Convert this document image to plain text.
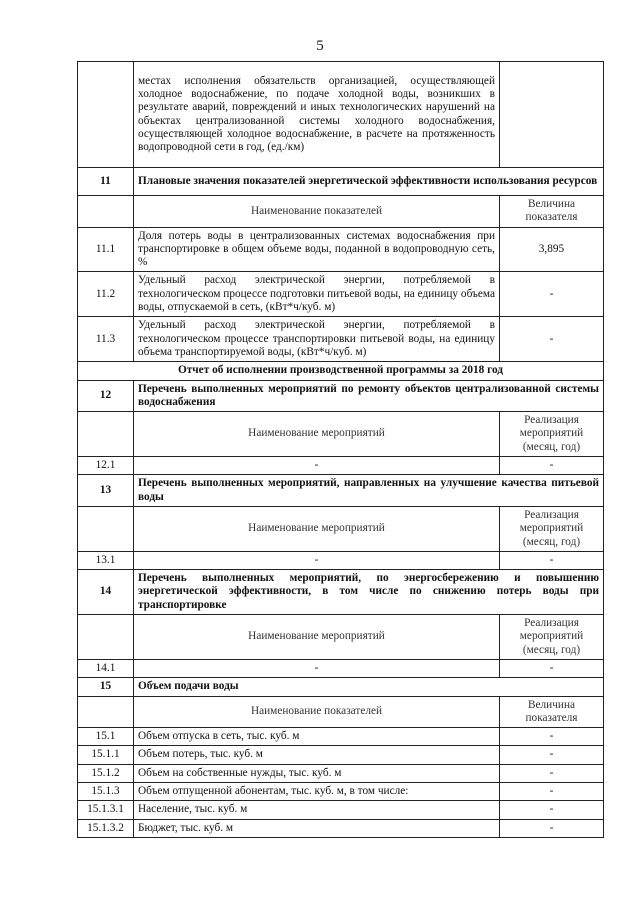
5
	местах исполнения обязательств организацией, осуществляющей холодное водоснабжение, по подаче холодной воды, возникших в результате аварий, повреждений и иных технологических нарушений на объектах централизованной системы холодного водоснабжения, осуществляющей холодное водоснабжение, в расчете на протяженность водопроводной сети в год, (ед./км)	
11	Плановые значения показателей энергетической эффективности использования ресурсов	
	Наименование показателей	Величина показателя
11.1	Доля потерь воды в централизованных системах водоснабжения при транспортировке в общем объеме воды, поданной в водопроводную сеть, %	3,895
11.2	Удельный расход электрической энергии, потребляемой в технологическом процессе подготовки питьевой воды, на единицу объема воды, отпускаемой в сеть, (кВт*ч/куб. м)	-
11.3	Удельный расход электрической энергии, потребляемой в технологическом процессе транспортировки питьевой воды, на единицу объема транспортируемой воды, (кВт*ч/куб. м)	-
Отчет об исполнении производственной программы за 2018 год		
12	Перечень выполненных мероприятий по ремонту объектов централизованной системы водоснабжения	
	Наименование мероприятий	Реализация мероприятий (месяц, год)
12.1	-	-
13	Перечень выполненных мероприятий, направленных на улучшение качества питьевой воды	
	Наименование мероприятий	Реализация мероприятий (месяц, год)
13.1	-	-
14	Перечень выполненных мероприятий, по энергосбережению и повышению энергетической эффективности, в том числе по снижению потерь воды при транспортировке	
	Наименование мероприятий	Реализация мероприятий (месяц, год)
14.1	-	-
15	Объем подачи воды	
	Наименование показателей	Величина показателя
15.1	Объем отпуска в сеть, тыс. куб. м	-
15.1.1	Объем потерь, тыс. куб. м	-
15.1.2	Объем на собственные нужды, тыс. куб. м	-
15.1.3	Объем отпущенной абонентам, тыс. куб. м, в том числе:	-
15.1.3.1	Население, тыс. куб. м	-
15.1.3.2	Бюджет, тыс. куб. м	-
